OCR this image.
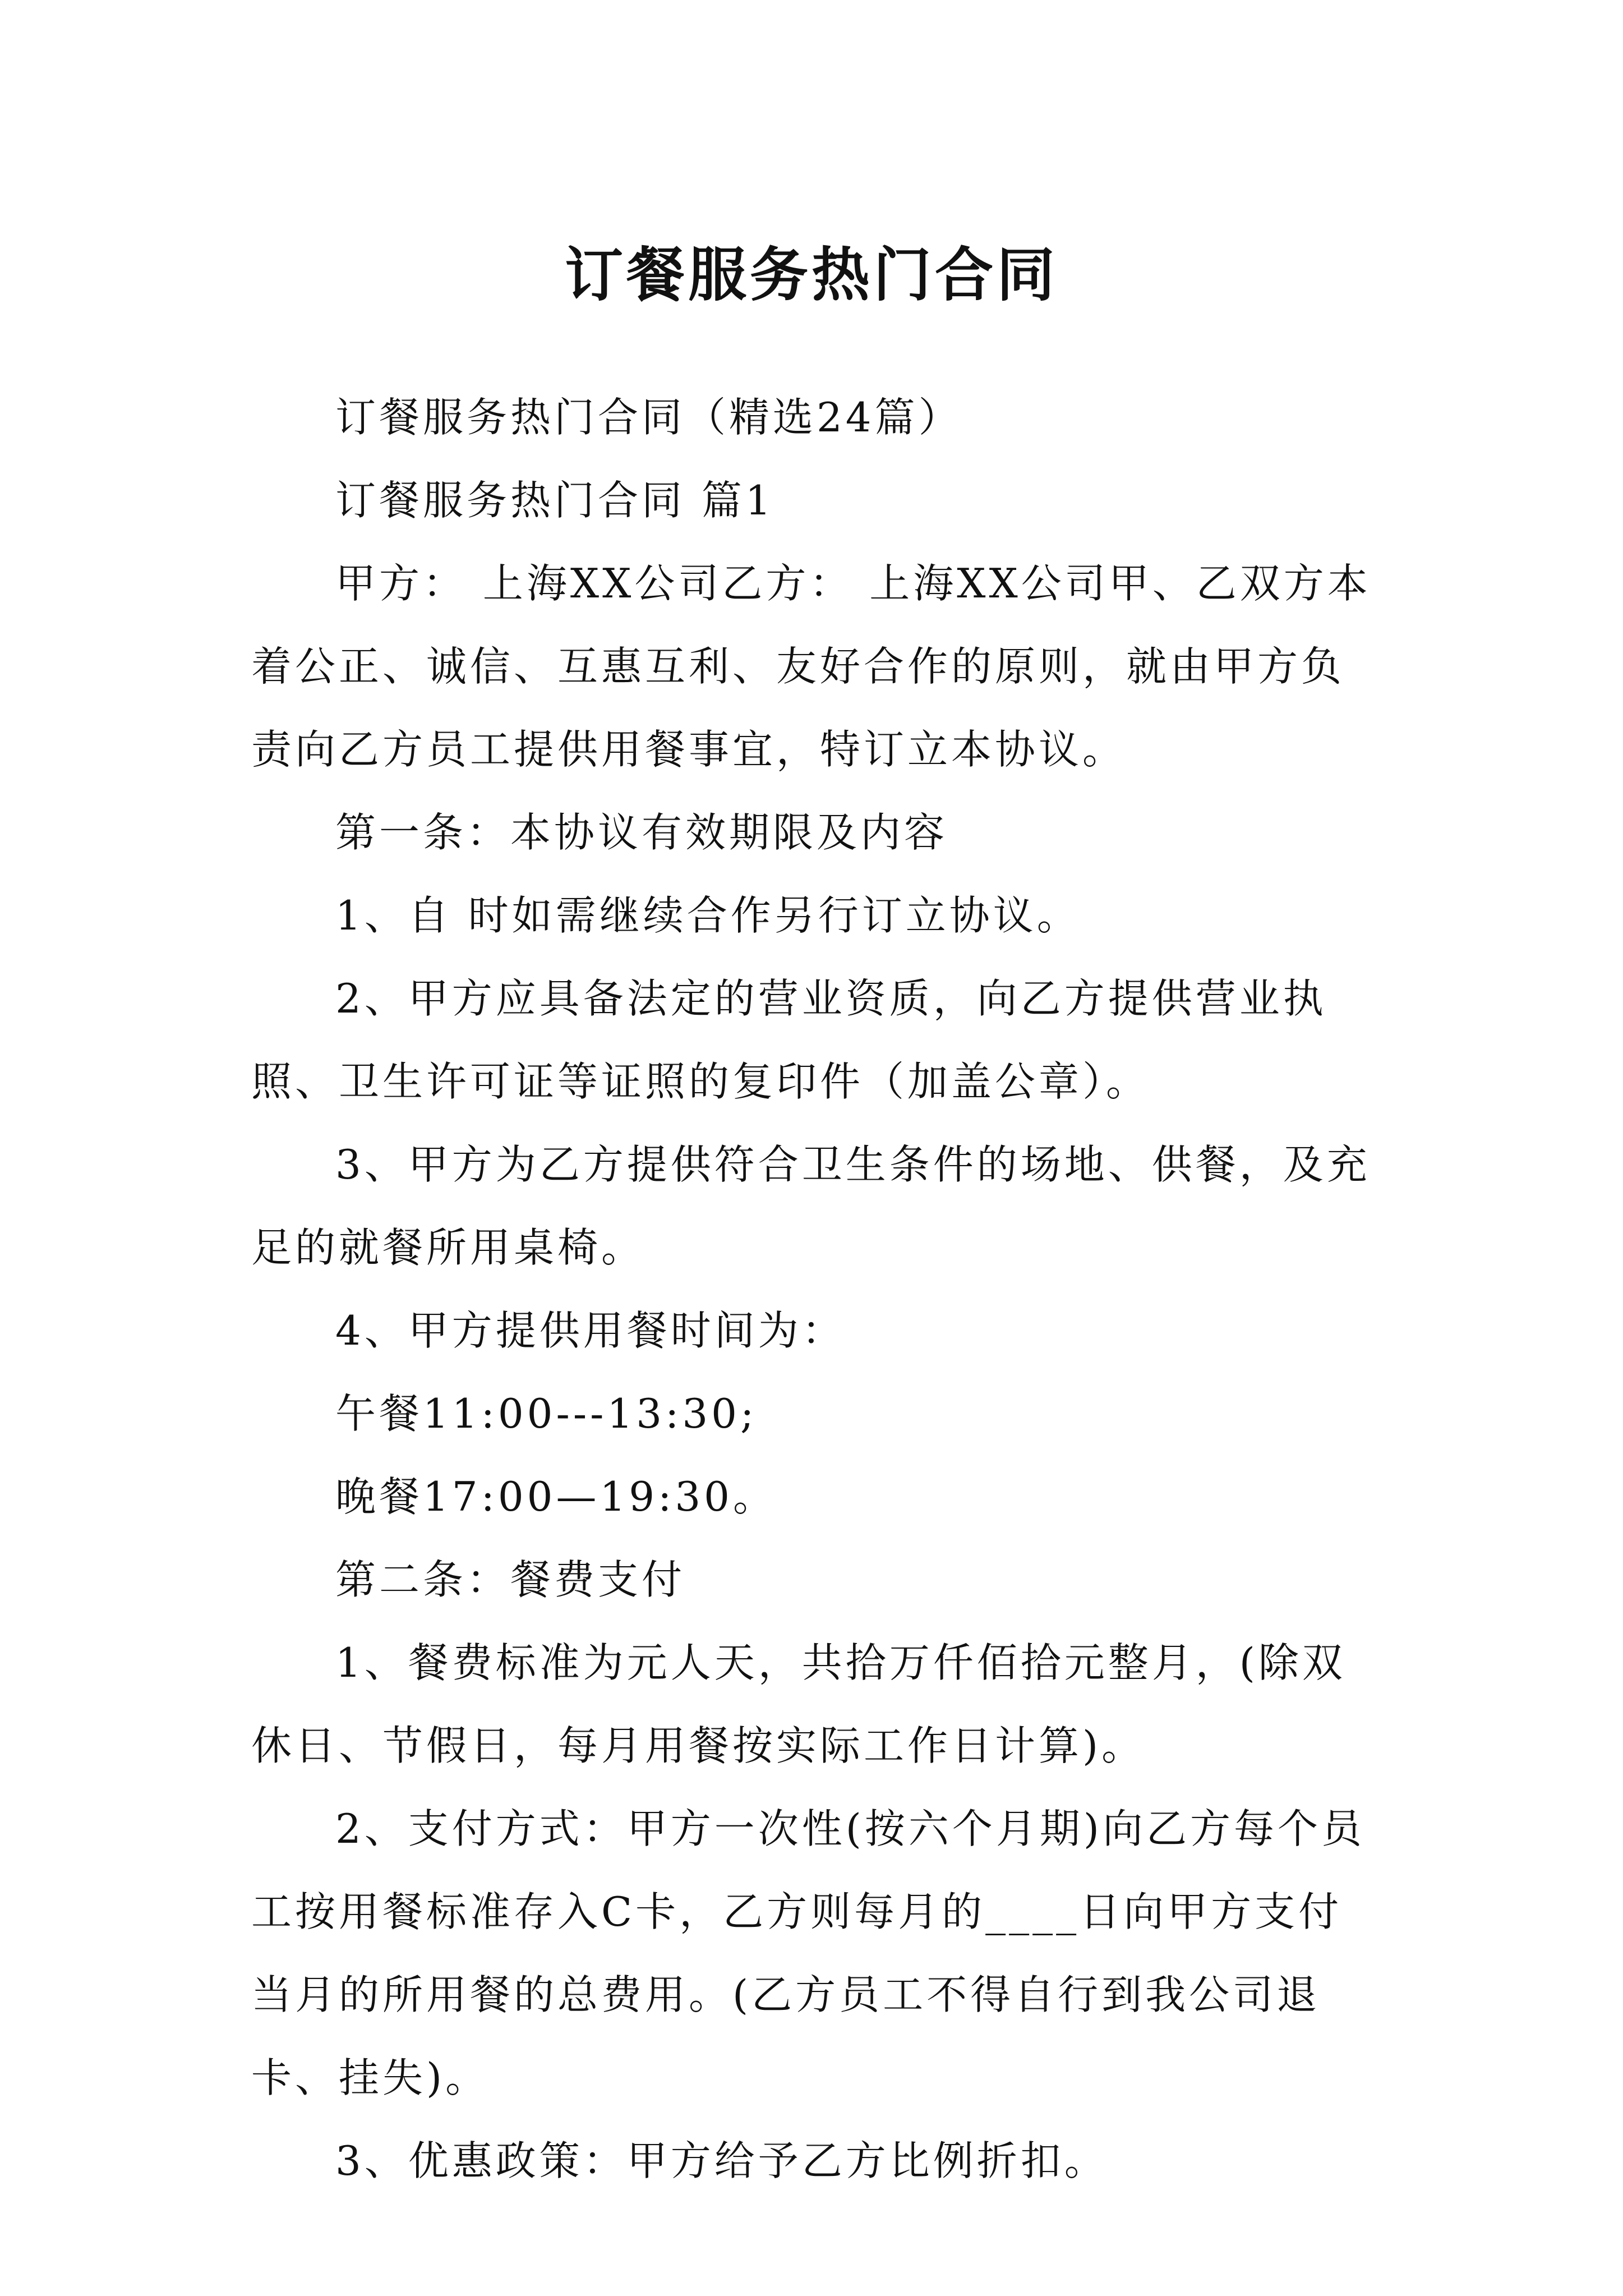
订餐服务热门合同

订餐服务热门合同（精选24篇）

订餐服务热门合同 篇1

甲方： 上海XX公司乙方： 上海XX公司甲、乙双方本着公正、诚信、互惠互利、友好合作的原则，就由甲方负责向乙方员工提供用餐事宜，特订立本协议。

第一条：本协议有效期限及内容

1、自 时如需继续合作另行订立协议。

2、甲方应具备法定的营业资质，向乙方提供营业执照、卫生许可证等证照的复印件（加盖公章）。

3、甲方为乙方提供符合卫生条件的场地、供餐，及充足的就餐所用桌椅。

4、甲方提供用餐时间为：

午餐11:00---13:30;

晚餐17:00—19:30。

第二条：餐费支付

1、餐费标准为元人天，共拾万仟佰拾元整月，(除双休日、节假日，每月用餐按实际工作日计算)。

2、支付方式：甲方一次性(按六个月期)向乙方每个员工按用餐标准存入C卡，乙方则每月的____日向甲方支付当月的所用餐的总费用。(乙方员工不得自行到我公司退卡、挂失)。

3、优惠政策：甲方给予乙方比例折扣。
